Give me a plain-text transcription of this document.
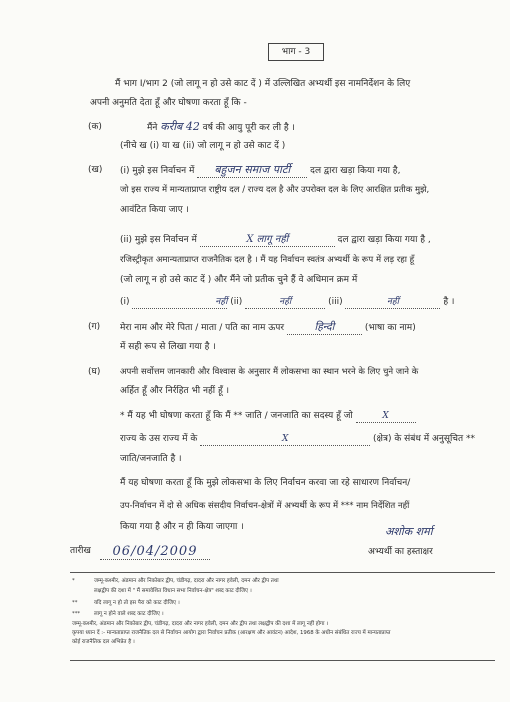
भाग - 3
मैं भाग I/भाग 2 (जो लागू न हो उसे काट दें ) में उल्लिखित अभ्यर्थी इस नामनिर्देशन के लिए
अपनी अनुमति देता हूँ और घोषणा करता हूँ कि -
(क)	मैंने करीब 42 वर्ष की आयु पूरी कर ली है ।
(नीचे ख (i) या ख (ii) जो लागू न हो उसे काट दें )
(ख) (i) मुझे इस निर्वाचन में बहुजन समाज पार्टी दल द्वारा खड़ा किया गया है,
जो इस राज्य में मान्यताप्राप्त राष्ट्रीय दल / राज्य दल है और उपरोक्त दल के लिए आरक्षित प्रतीक मुझे,
आवंटित किया जाए ।
(ii) मुझे इस निर्वाचन में	X लागू नहीं	दल द्वारा खड़ा किया गया है ,
रजिस्ट्रीकृत अमान्यताप्राप्त राजनैतिक दल है । मैं यह निर्वाचन स्वतंत्र अभ्यर्थी के रूप में लड़ रहा हूँ
(जो लागू न हो उसे काट दें ) और मैंने जो प्रतीक चुने हैं वे अधिमान क्रम में
(i)	नहीं (ii)	नहीं	(iii)	नहीं	है ।
(ग) मेरा नाम और मेरे पिता / माता / पति का नाम ऊपर	हिन्दी	(भाषा का नाम)
में सही रूप से लिखा गया है ।
(घ) अपनी सर्वोत्तम जानकारी और विश्वास के अनुसार मैं लोकसभा का स्थान भरने के लिए चुने जाने के
अर्हित हूँ और निर्रहित भी नहीं हूँ ।
* मैं यह भी घोषणा करता हूँ कि मैं ** जाति / जनजाति का सदस्य हूँ जो	X
राज्य के उस राज्य में के	X	(क्षेत्र) के संबंध में अनुसूचित **
जाति/जनजाति है ।
मैं यह घोषणा करता हूँ कि मुझे लोकसभा के लिए निर्वाचन करवा जा रहे साधारण निर्वाचन/
उप-निर्वाचन में दो से अधिक संसदीय निर्वाचन-क्षेत्रों में अभ्यर्थी के रूप में *** नाम निर्देशित नहीं
किया गया है और न ही किया जाएगा ।	अशोक शर्मा
अभ्यर्थी का हस्ताक्षर
तारीख	06/04/2009
*	जम्मू-कश्मीर, अंडमान और निकोबार द्वीप, चंडीगढ़, दादरा और नागर हवेली, दमन और द्वीप तथा
लक्षद्वीप की दशा में " मैं समावेशित विधान सभा निर्वाचन-क्षेत्र" शब्द काट दीजिए ।
**	यदि लागू न हो तो इस पैरा को काट दीजिए ।
***	लागू न होने वाले शब्द काट दीजिए ।
जम्मू-कश्मीर, अंडमान और निकोबार द्वीप, चंडीगढ़, दादरा और नागर हवेली, दमन और द्वीप तथा लक्षद्वीप की दशा में लागू नहीं होगा ।
कृपया ध्यान दें :- मान्यताप्राप्त राजनैतिक दल से निर्वाचन आयोग द्वारा निर्वाचन प्रतीक (आरक्षण और आवंटन) आदेश, 1968 के अधीन संबंधित राज्य में मान्यताप्राप्त
कोई राजनैतिक दल अभिप्रेत है ।
